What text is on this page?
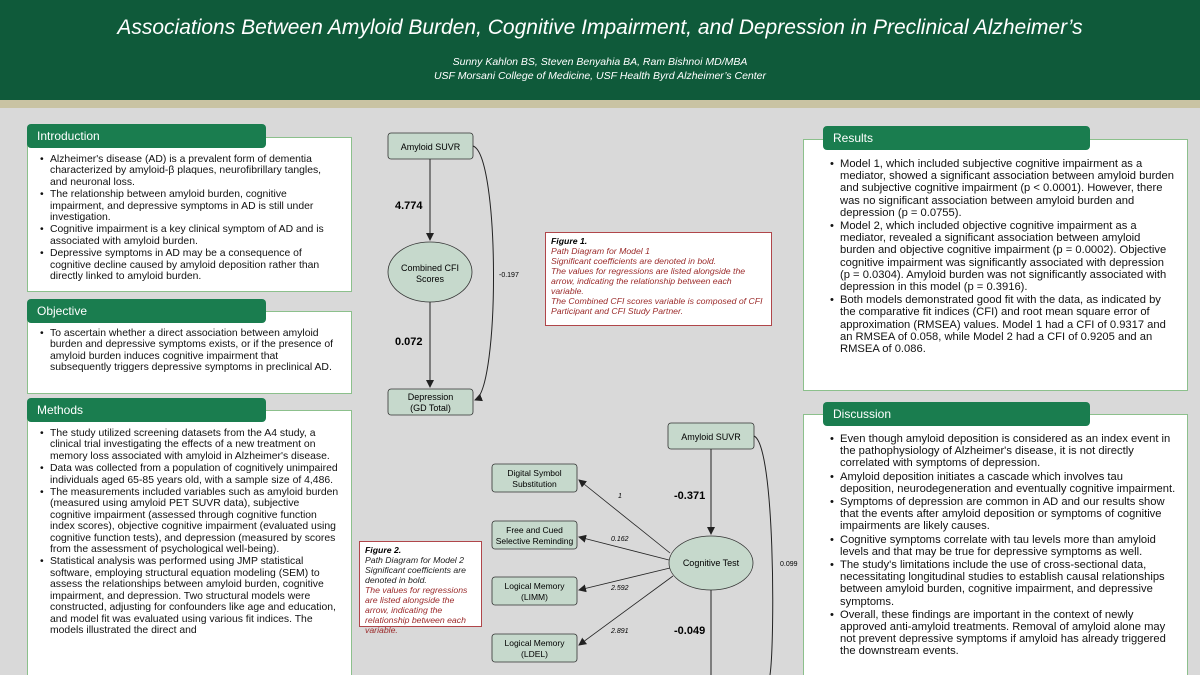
Associations Between Amyloid Burden, Cognitive Impairment, and Depression in Preclinical Alzheimer’s
Sunny Kahlon BS, Steven Benyahia BA, Ram Bishnoi MD/MBA
USF Morsani College of Medicine, USF Health Byrd Alzheimer’s Center
Introduction
• Alzheimer's disease (AD) is a prevalent form of dementia characterized by amyloid-β plaques, neurofibrillary tangles, and neuronal loss.
• The relationship between amyloid burden, cognitive impairment, and depressive symptoms in AD is still under investigation.
• Cognitive impairment is a key clinical symptom of AD and is associated with amyloid burden.
• Depressive symptoms in AD may be a consequence of cognitive decline caused by amyloid deposition rather than directly linked to amyloid burden.
Objective
• To ascertain whether a direct association between amyloid burden and depressive symptoms exists, or if the presence of amyloid burden induces cognitive impairment that subsequently triggers depressive symptoms in preclinical AD.
Methods
• The study utilized screening datasets from the A4 study, a clinical trial investigating the effects of a new treatment on memory loss associated with amyloid in Alzheimer's disease.
• Data was collected from a population of cognitively unimpaired individuals aged 65-85 years old, with a sample size of 4,486.
• The measurements included variables such as amyloid burden (measured using amyloid PET SUVR data), subjective cognitive impairment (assessed through cognitive function index scores), objective cognitive impairment (evaluated using cognitive function tests), and depression (measured by scores from the assessment of psychological well-being).
• Statistical analysis was performed using JMP statistical software, employing structural equation modeling (SEM) to assess the relationships between amyloid burden, cognitive impairment, and depression. Two structural models were constructed, adjusting for confounders like age and education, and model fit was evaluated using various fit indices. The models illustrated the direct and
Results
• Model 1, which included subjective cognitive impairment as a mediator, showed a significant association between amyloid burden and subjective cognitive impairment (p < 0.0001). However, there was no significant association between amyloid burden and depression (p = 0.0755).
• Model 2, which included objective cognitive impairment as a mediator, revealed a significant association between amyloid burden and objective cognitive impairment (p = 0.0002). Objective cognitive impairment was significantly associated with depression (p = 0.0304). Amyloid burden was not significantly associated with depression in this model (p = 0.3916).
• Both models demonstrated good fit with the data, as indicated by the comparative fit indices (CFI) and root mean square error of approximation (RMSEA) values. Model 1 had a CFI of 0.9317 and an RMSEA of 0.058, while Model 2 had a CFI of 0.9205 and an RMSEA of 0.086.
Discussion
• Even though amyloid deposition is considered as an index event in the pathophysiology of Alzheimer's disease, it is not directly correlated with symptoms of depression.
• Amyloid deposition initiates a cascade which involves tau deposition, neurodegeneration and eventually cognitive impairment.
• Symptoms of depression are common in AD and our results show that the events after amyloid deposition or symptoms of cognitive impairments are likely causes.
• Cognitive symptoms correlate with tau levels more than amyloid levels and that may be true for depressive symptoms as well.
• The study's limitations include the use of cross-sectional data, necessitating longitudinal studies to establish causal relationships between amyloid burden, cognitive impairment, and depressive symptoms.
• Overall, these findings are important in the context of newly approved anti-amyloid treatments. Removal of amyloid alone may not prevent depressive symptoms if amyloid has already triggered the downstream events.
Amyloid SUVR
Combined CFI
Scores
Depression
(GD Total)
4.774
0.072
-0.197
Amyloid SUVR
Cognitive Test
Digital Symbol
Substitution
Free and Cued
Selective Reminding
Logical Memory
(LIMM)
Logical Memory
(LDEL)
-0.371
-0.049
0.099
1
0.162
2.592
2.891
Figure 1.
Path Diagram for Model 1
Significant coefficients are denoted in bold.
The values for regressions are listed alongside the arrow, indicating the relationship between each variable.
The Combined CFI scores variable is composed of CFI Participant and CFI Study Partner.
Figure 2.
Path Diagram for Model 2
Significant coefficients are denoted in bold.
The values for regressions are listed alongside the arrow, indicating the relationship between each variable.
